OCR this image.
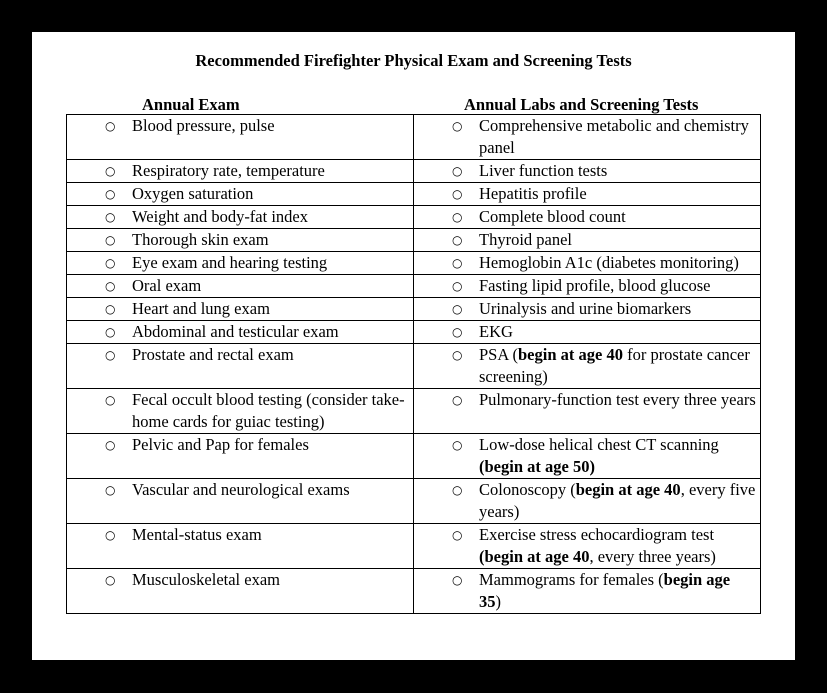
Recommended Firefighter Physical Exam and Screening Tests
Annual Exam	Annual Labs and Screening Tests
○ Blood pressure, pulse	○ Comprehensive metabolic and chemistry panel

○ Respiratory rate, temperature	○ Liver function tests

○ Oxygen saturation	○ Hepatitis profile

○ Weight and body-fat index	○ Complete blood count

○ Thorough skin exam	○ Thyroid panel

○ Eye exam and hearing testing	○ Hemoglobin A1c (diabetes monitoring)

○ Oral exam	○ Fasting lipid profile, blood glucose

○ Heart and lung exam	○ Urinalysis and urine biomarkers

○ Abdominal and testicular exam	○ EKG

○ Prostate and rectal exam	○ PSA (begin at age 40 for prostate cancer screening)

○ Fecal occult blood testing (consider take-home cards for guiac testing)	○ Pulmonary-function test every three years

○ Pelvic and Pap for females	○ Low-dose helical chest CT scanning (begin at age 50)

○ Vascular and neurological exams	○ Colonoscopy (begin at age 40, every five years)

○ Mental-status exam	○ Exercise stress echocardiogram test (begin at age 40, every three years)

○ Musculoskeletal exam	○ Mammograms for females (begin age 35)
